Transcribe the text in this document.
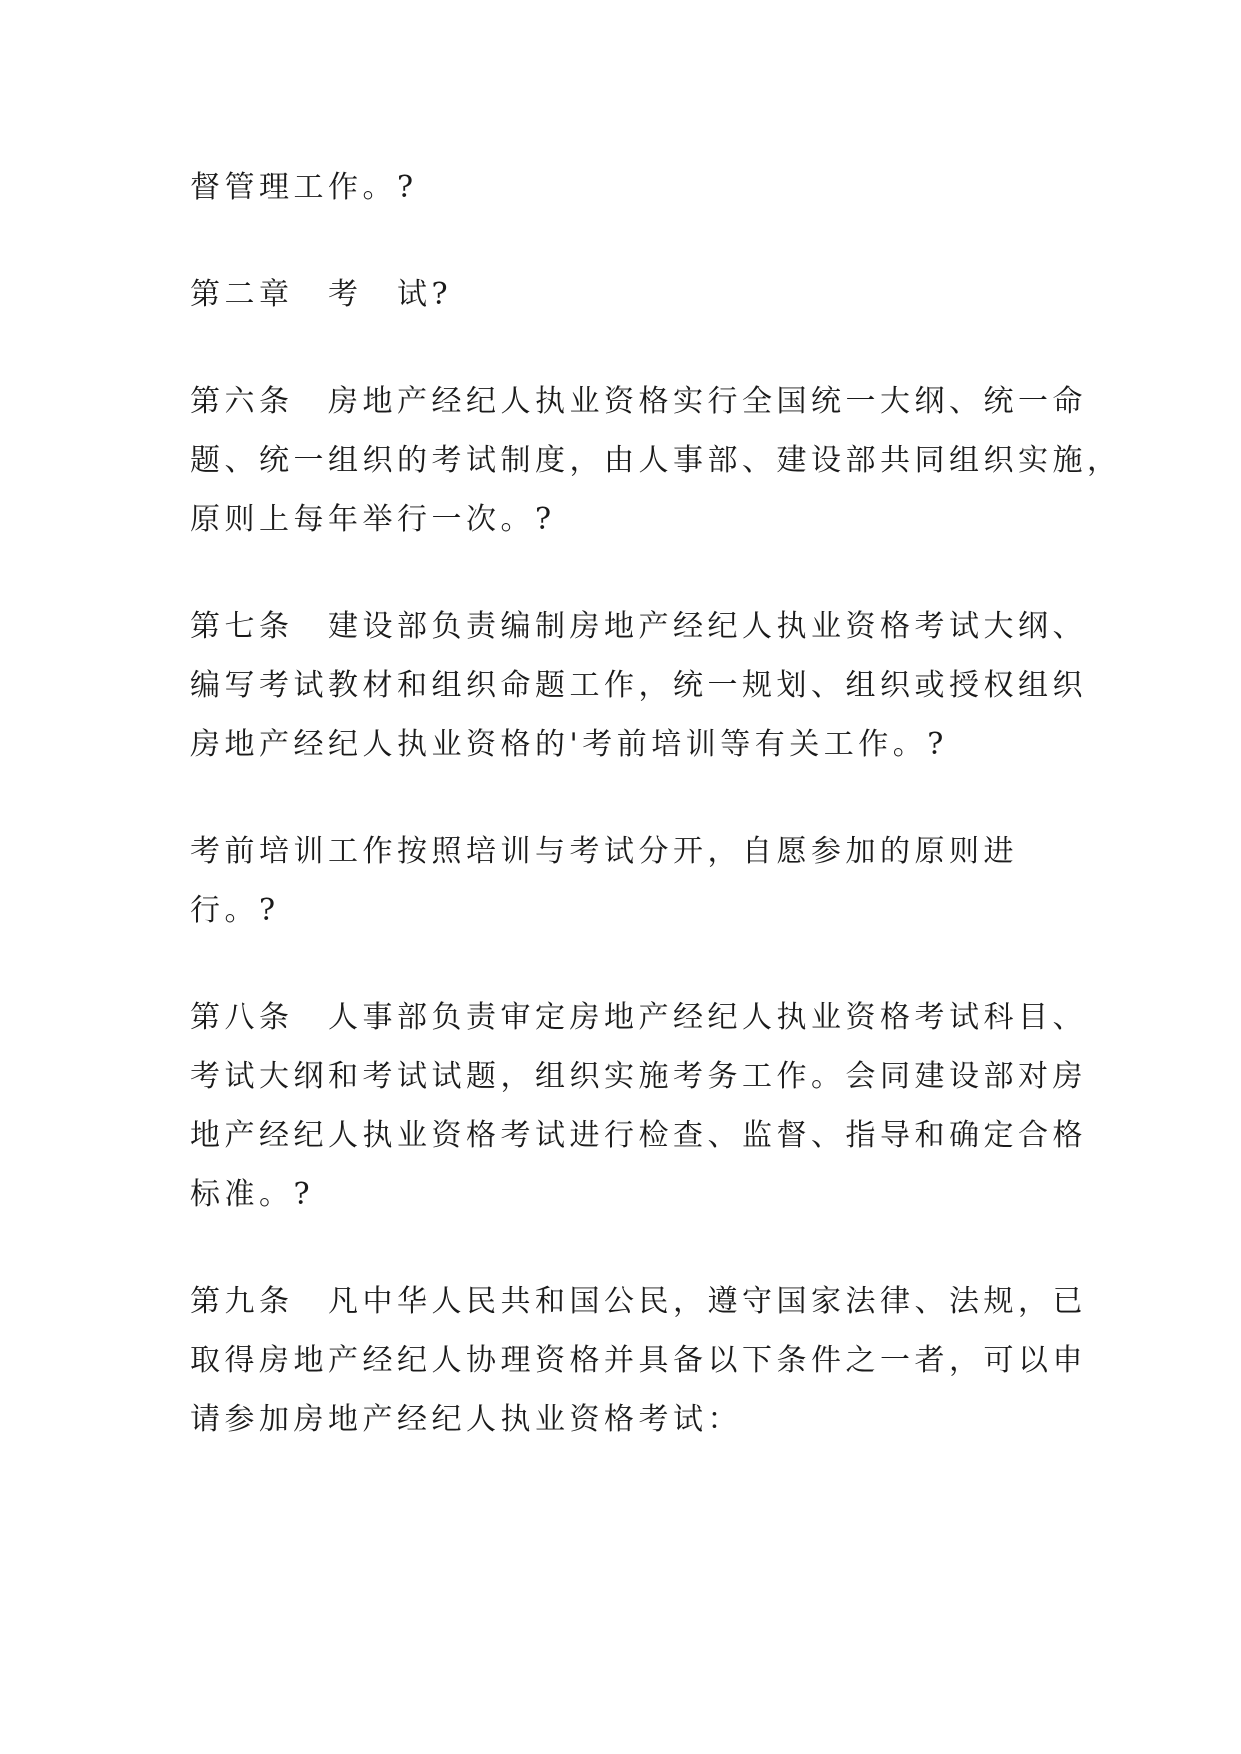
督管理工作。?

第二章　考　试?

第六条　房地产经纪人执业资格实行全国统一大纲、统一命
题、统一组织的考试制度，由人事部、建设部共同组织实施，
原则上每年举行一次。?

第七条　建设部负责编制房地产经纪人执业资格考试大纲、
编写考试教材和组织命题工作，统一规划、组织或授权组织
房地产经纪人执业资格的'考前培训等有关工作。?

考前培训工作按照培训与考试分开，自愿参加的原则进
行。?

第八条　人事部负责审定房地产经纪人执业资格考试科目、
考试大纲和考试试题，组织实施考务工作。会同建设部对房
地产经纪人执业资格考试进行检查、监督、指导和确定合格
标准。?

第九条　凡中华人民共和国公民，遵守国家法律、法规，已
取得房地产经纪人协理资格并具备以下条件之一者，可以申
请参加房地产经纪人执业资格考试：
